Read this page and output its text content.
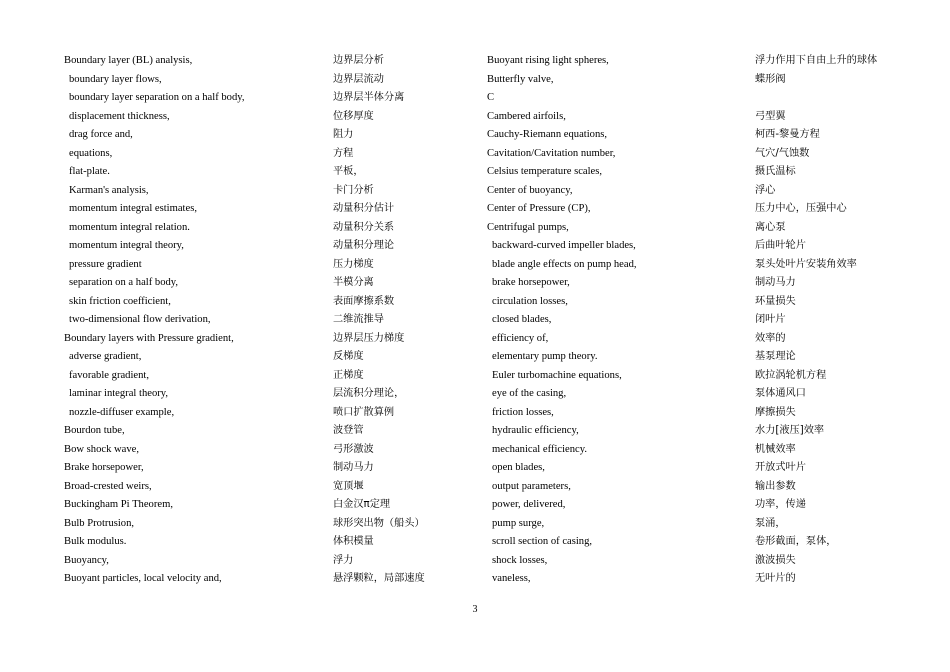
Boundary layer (BL) analysis,
boundary layer flows,
boundary layer separation on a half body,
displacement thickness,
drag force and,
equations,
flat-plate.
Karman's analysis,
momentum integral estimates,
momentum integral relation.
momentum integral theory,
pressure gradient
separation on a half body,
skin friction coefficient,
two-dimensional flow derivation,
Boundary layers with Pressure gradient,
adverse gradient,
favorable gradient,
laminar integral theory,
nozzle-diffuser example,
Bourdon tube,
Bow shock wave,
Brake horsepower,
Broad-crested weirs,
Buckingham Pi Theorem,
Bulb Protrusion,
Bulk modulus.
Buoyancy,
Buoyant particles, local velocity and,
边界层分析
边界层流动
边界层半体分离
位移厚度
阻力
方程
平板，
卡门分析
动量积分估计
动量积分关系
动量积分理论
压力梯度
半模分离
表面摩擦系数
二维流推导
边界层压力梯度
反梯度
正梯度
层流积分理论，
喷口扩散算例
波登管
弓形激波
制动马力
宽顶堰
白金汉π定理
球形突出物（船头）
体积模量
浮力
悬浮颗粒，局部速度
Buoyant rising light spheres,
Butterfly valve,
C
Cambered airfoils,
Cauchy-Riemann equations,
Cavitation/Cavitation number,
Celsius temperature scales,
Center of buoyancy,
Center of Pressure (CP),
Centrifugal pumps,
backward-curved impeller blades,
blade angle effects on pump head,
brake horsepower,
circulation losses,
closed blades,
efficiency of,
elementary pump theory.
Euler turbomachine equations,
eye of the casing,
friction losses,
hydraulic efficiency,
mechanical efficiency.
open blades,
output parameters,
power, delivered,
pump surge,
scroll section of casing,
shock losses,
vaneless,
浮力作用下自由上升的球体
蝶形阀
弓型翼
柯西-黎曼方程
气穴/气蚀数
摄氏温标
浮心
压力中心，压强中心
离心泵
后曲叶轮片
泵头处叶片安装角效率
制动马力
环量损失
闭叶片
效率的
基泵理论
欧拉涡轮机方程
泵体通风口
摩擦损失
水力[液压]效率
机械效率
开放式叶片
输出参数
功率，传递
泵涌，
卷形截面，泵体，
激波损失
无叶片的
3
